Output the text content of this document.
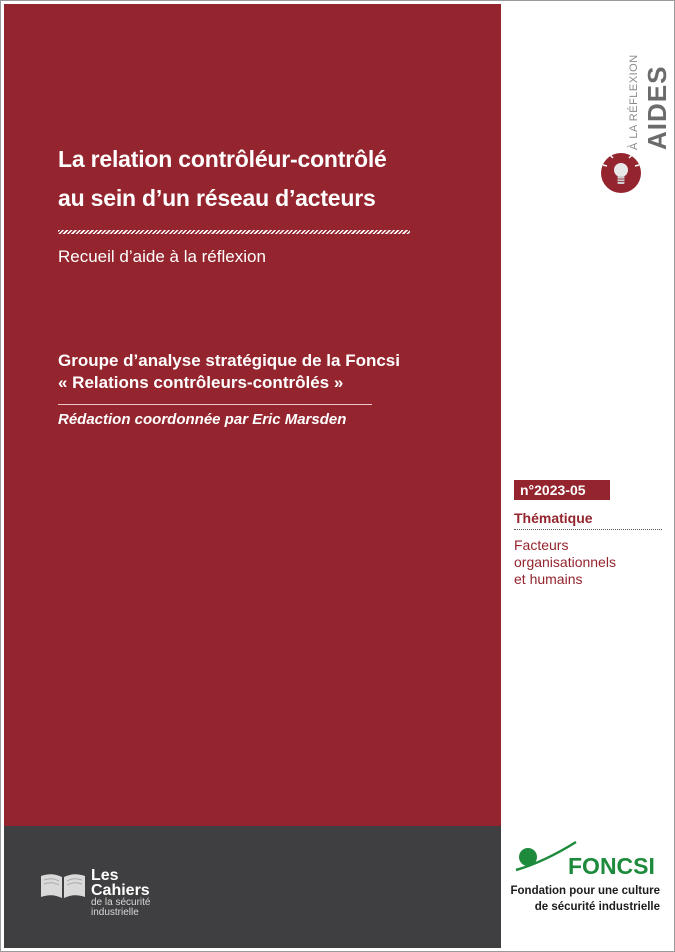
La relation contrôléur-contrôlé
au sein d’un réseau d’acteurs
Recueil d’aide à la réflexion
Groupe d’analyse stratégique de la Foncsi
« Relations contrôleurs-contrôlés »
Rédaction coordonnée par Eric Marsden
AIDES
À LA RÉFLEXION
n°2023-05
Thématique
Facteurs
organisationnels
et humains
Les
Cahiers
de la sécurité
industrielle
FONCSI
Fondation pour une culture
de sécurité industrielle
